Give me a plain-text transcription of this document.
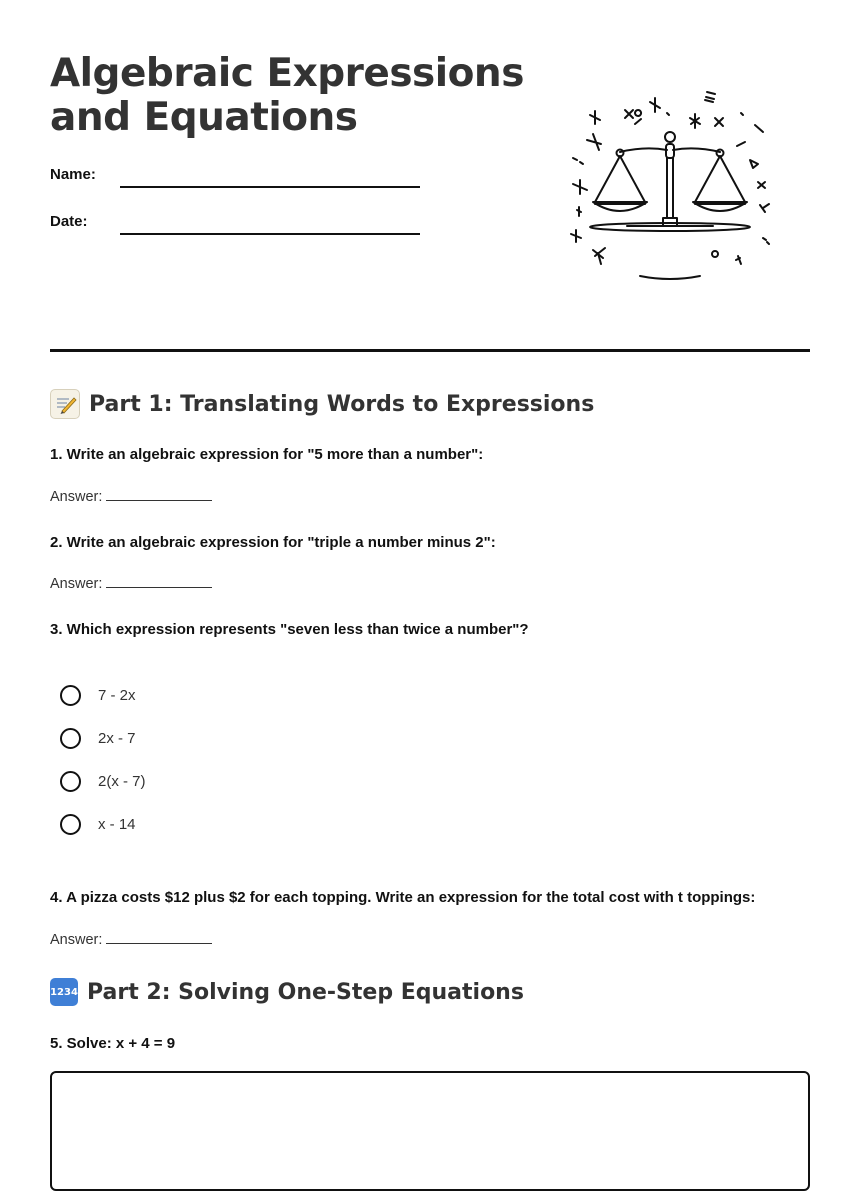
Algebraic Expressions
and Equations
Name:
Date:
Part 1: Translating Words to Expressions
1. Write an algebraic expression for "5 more than a number":
Answer:
2. Write an algebraic expression for "triple a number minus 2":
Answer:
3. Which expression represents "seven less than twice a number"?
7 - 2x
2x - 7
2(x - 7)
x - 14
4. A pizza costs $12 plus $2 for each topping. Write an expression for the total cost with t toppings:
Answer:
1234 Part 2: Solving One-Step Equations
5. Solve: x + 4 = 9
